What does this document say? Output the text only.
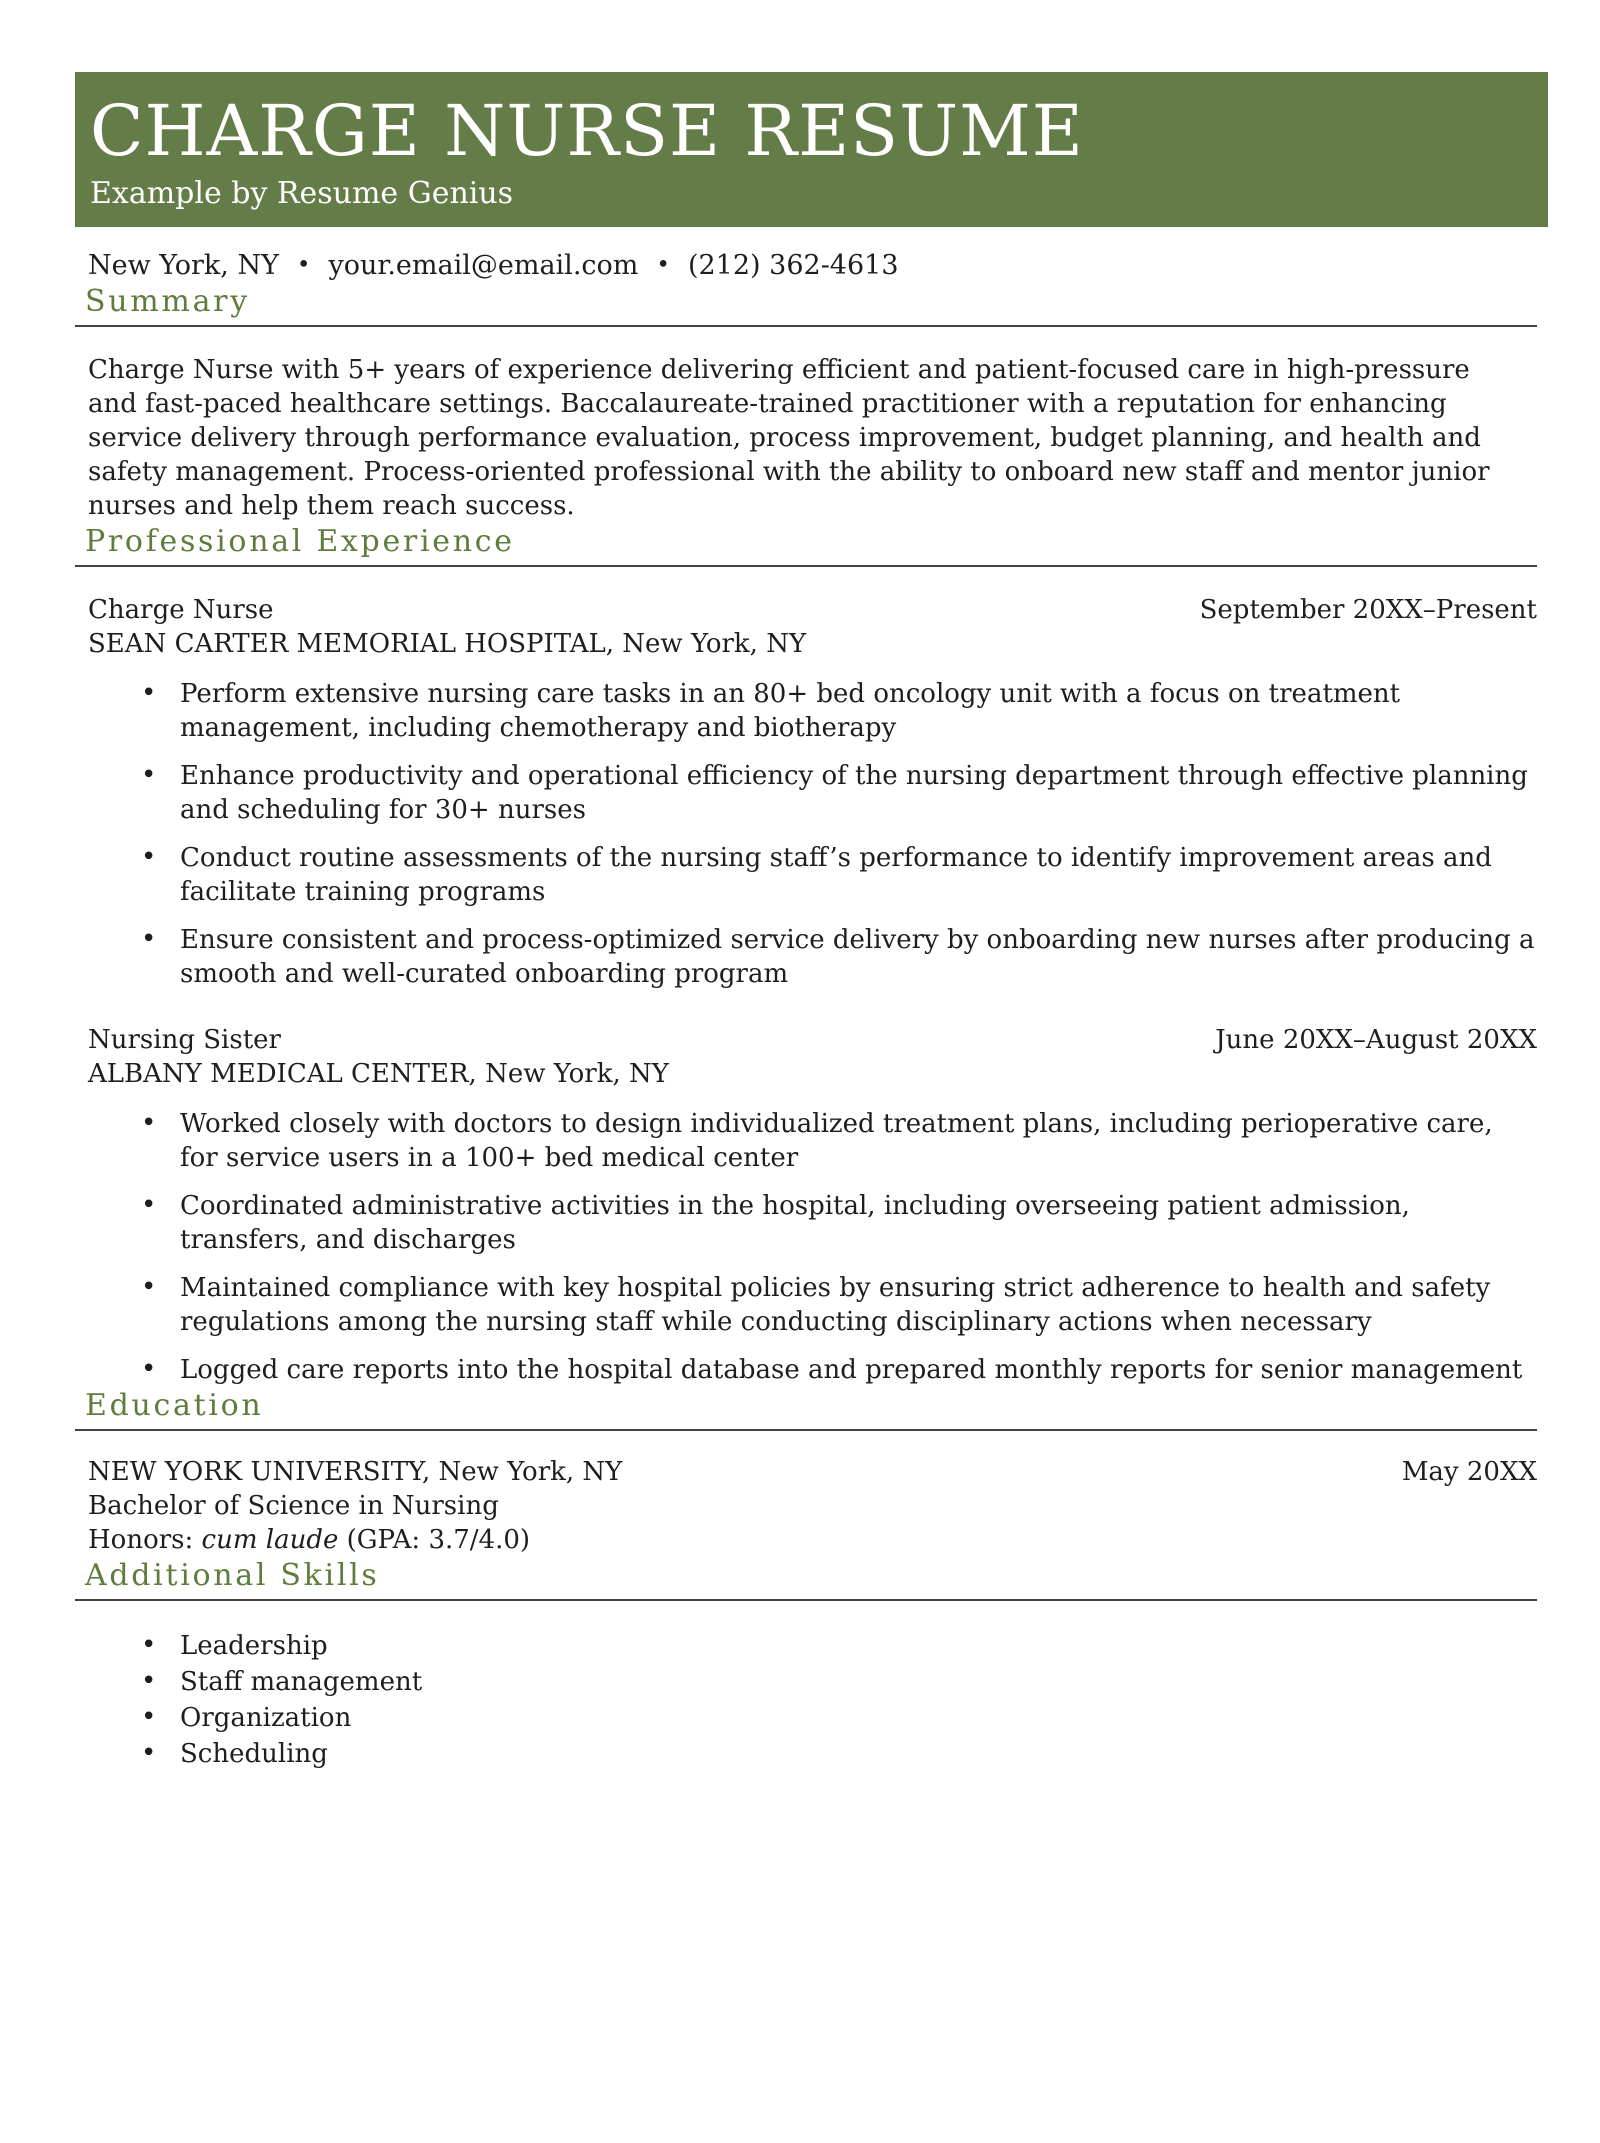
CHARGE NURSE RESUME
Example by Resume Genius
New York, NY • your.email@email.com • (212) 362-4613
Summary

Charge Nurse with 5+ years of experience delivering efficient and patient-focused care in high-pressure and fast-paced healthcare settings. Baccalaureate-trained practitioner with a reputation for enhancing service delivery through performance evaluation, process improvement, budget planning, and health and safety management. Process-oriented professional with the ability to onboard new staff and mentor junior nurses and help them reach success.

Professional Experience
Charge Nurse	September 20XX–Present
SEAN CARTER MEMORIAL HOSPITAL, New York, NY
• Perform extensive nursing care tasks in an 80+ bed oncology unit with a focus on treatment management, including chemotherapy and biotherapy
• Enhance productivity and operational efficiency of the nursing department through effective planning and scheduling for 30+ nurses
• Conduct routine assessments of the nursing staff’s performance to identify improvement areas and facilitate training programs
• Ensure consistent and process-optimized service delivery by onboarding new nurses after producing a smooth and well-curated onboarding program
Nursing Sister	June 20XX–August 20XX
ALBANY MEDICAL CENTER, New York, NY
• Worked closely with doctors to design individualized treatment plans, including perioperative care, for service users in a 100+ bed medical center
• Coordinated administrative activities in the hospital, including overseeing patient admission, transfers, and discharges
• Maintained compliance with key hospital policies by ensuring strict adherence to health and safety regulations among the nursing staff while conducting disciplinary actions when necessary
• Logged care reports into the hospital database and prepared monthly reports for senior management
Education
NEW YORK UNIVERSITY, New York, NY	May 20XX
Bachelor of Science in Nursing
Honors: cum laude (GPA: 3.7/4.0)
Additional Skills
• Leadership
• Staff management
• Organization
• Scheduling
